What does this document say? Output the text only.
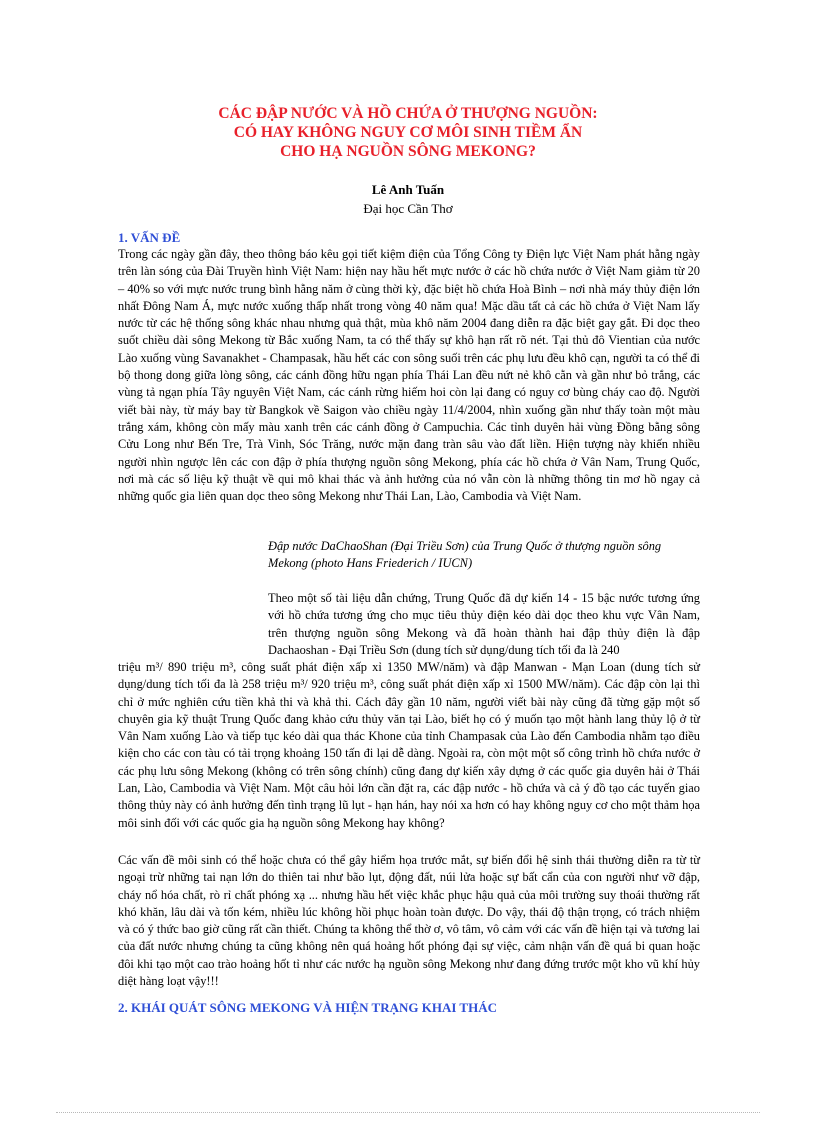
CÁC ĐẬP NƯỚC VÀ HỒ CHỨA Ở THƯỢNG NGUỒN:
CÓ HAY KHÔNG NGUY CƠ MÔI SINH TIỀM ẨN
CHO HẠ NGUỒN SÔNG MEKONG?
Lê Anh Tuấn
Đại học Cần Thơ
1. VẤN ĐỀ

Trong các ngày gần đây, theo thông báo kêu gọi tiết kiệm điện của Tổng Công ty Điện lực Việt Nam phát hằng ngày trên làn sóng của Đài Truyền hình Việt Nam: hiện nay hầu hết mực nước ở các hồ chứa nước ở Việt Nam giảm từ 20 – 40% so với mực nước trung bình hằng năm ở cùng thời kỳ, đặc biệt hồ chứa Hoà Bình – nơi nhà máy thủy điện lớn nhất Đông Nam Á, mực nước xuống thấp nhất trong vòng 40 năm qua! Mặc dầu tất cả các hồ chứa ở Việt Nam lấy nước từ các hệ thống sông khác nhau nhưng quả thật, mùa khô năm 2004 đang diễn ra đặc biệt gay gắt. Đi dọc theo suốt chiều dài sông Mekong từ Bắc xuống Nam, ta có thể thấy sự khô hạn rất rõ nét. Tại thủ đô Vientian của nước Lào xuống vùng Savanakhet - Champasak, hầu hết các con sông suối trên các phụ lưu đều khô cạn, người ta có thể đi bộ thong dong giữa lòng sông, các cánh đồng hữu ngạn phía Thái Lan đều nứt nẻ khô cằn và gần như bỏ trắng, các vùng tả ngạn phía Tây nguyên Việt Nam, các cánh rừng hiếm hoi còn lại đang có nguy cơ bùng cháy cao độ. Người viết bài này, từ máy bay từ Bangkok về Saigon vào chiều ngày 11/4/2004, nhìn xuống gần như thấy toàn một màu trắng xám, không còn mấy màu xanh trên các cánh đồng ở Campuchia. Các tỉnh duyên hải vùng Đồng bằng sông Cửu Long như Bến Tre, Trà Vinh, Sóc Trăng, nước mặn đang tràn sâu vào đất liền. Hiện tượng này khiến nhiều người nhìn ngược lên các con đập ở phía thượng nguồn sông Mekong, phía các hồ chứa ở Vân Nam, Trung Quốc, nơi mà các số liệu kỹ thuật về qui mô khai thác và ảnh hưởng của nó vẫn còn là những thông tin mơ hồ ngay cả những quốc gia liên quan dọc theo sông Mekong như Thái Lan, Lào, Cambodia và Việt Nam.

Đập nước DaChaoShan (Đại Triều Sơn) của Trung Quốc ở thượng nguồn sông Mekong (photo Hans Friederich / IUCN)

Theo một số tài liệu dẫn chứng, Trung Quốc đã dự kiến 14 - 15 bậc nước tương ứng với hồ chứa tương ứng cho mục tiêu thủy điện kéo dài dọc theo khu vực Vân Nam, trên thượng nguồn sông Mekong và đã hoàn thành hai đập thủy điện là đập Dachaoshan - Đại Triều Sơn (dung tích sử dụng/dung tích tối đa là 240

triệu m³/ 890 triệu m³, công suất phát điện xấp xỉ 1350 MW/năm) và đập Manwan - Mạn Loan (dung tích sử dụng/dung tích tối đa là 258 triệu m³/ 920 triệu m³, công suất phát điện xấp xỉ 1500 MW/năm). Các đập còn lại thì chỉ ở mức nghiên cứu tiền khả thi và khả thi. Cách đây gần 10 năm, người viết bài này cũng đã từng gặp một số chuyên gia kỹ thuật Trung Quốc đang khảo cứu thủy văn tại Lào, biết họ có ý muốn tạo một hành lang thủy lộ ở từ Vân Nam xuống Lào và tiếp tục kéo dài qua thác Khone của tỉnh Champasak của Lào đến Cambodia nhằm tạo điều kiện cho các con tàu có tải trọng khoảng 150 tấn đi lại dễ dàng. Ngoài ra, còn một một số công trình hồ chứa nước ở các phụ lưu sông Mekong (không có trên sông chính) cũng đang dự kiến xây dựng ở các quốc gia duyên hải ở Thái Lan, Lào, Cambodia và Việt Nam. Một câu hỏi lớn cần đặt ra, các đập nước - hồ chứa và cả ý đồ tạo các tuyến giao thông thủy này có ảnh hưởng đến tình trạng lũ lụt - hạn hán, hay nói xa hơn có hay không nguy cơ cho một thảm họa môi sinh đối với các quốc gia hạ nguồn sông Mekong hay không?

Các vấn đề môi sinh có thể hoặc chưa có thể gây hiểm họa trước mắt, sự biến đổi hệ sinh thái thường diễn ra từ từ ngoại trừ những tai nạn lớn do thiên tai như bão lụt, động đất, núi lửa hoặc sự bất cẩn của con người như vỡ đập, cháy nổ hóa chất, rò rỉ chất phóng xạ ... nhưng hầu hết việc khắc phục hậu quả của môi trường suy thoái thường rất khó khăn, lâu dài và tốn kém, nhiều lúc không hồi phục hoàn toàn được. Do vậy, thái độ thận trọng, có trách nhiệm và có ý thức bao giờ cũng rất cần thiết. Chúng ta không thể thờ ơ, vô tâm, vô cảm với các vấn đề hiện tại và tương lai của đất nước nhưng chúng ta cũng không nên quá hoảng hốt phóng đại sự việc, cảm nhận vấn đề quá bi quan hoặc đôi khi tạo một cao trào hoảng hốt tỉ như các nước hạ nguồn sông Mekong như đang đứng trước một kho vũ khí hủy diệt hàng loạt vậy!!!

2. KHÁI QUÁT SÔNG MEKONG VÀ HIỆN TRẠNG KHAI THÁC
